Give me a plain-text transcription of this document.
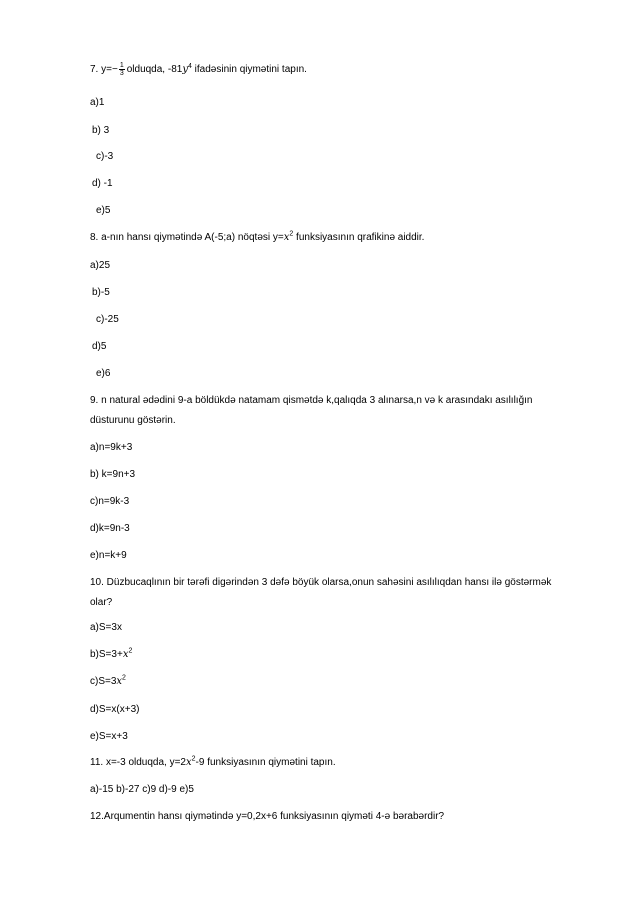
7. $y=- \frac{1}{3}$ olduqda, $-81y^4$ ifadəsinin qiymətini tapın.
a)1
b) 3
c)-3
d) -1
e)5
8. a-nın hansı qiymətində A(-5;a) nöqtəsi $y=x^2$ funksiyasının qrafikinə aiddir.
a)25
b)-5
c)-25
d)5
e)6
9. n natural ədədini 9-a böldükdə natamam qismətdə k,qalıqda 3 alınarsa,n və k arasındakı asılılığın düsturunu göstərin.
a)n=9k+3
b) k=9n+3
c)n=9k-3
d)k=9n-3
e)n=k+9
10. Düzbucaqlının bir tərəfi digərindən 3 dəfə böyük olarsa,onun sahəsini asılılıqdan hansı ilə göstərmək olar?
a)S=3x
$b)S=3+x^2$
$c)S=3x^2$
d)S=x(x+3)
e)S=x+3
11. x=-3 olduqda, $y=2x^2-9$ funksiyasının qiymətini tapın.
a)-15 b)-27 c)9 d)-9 e)5
12.Arqumentin hansı qiymətində y=0,2x+6 funksiyasının qiyməti 4-ə bərabərdir?
